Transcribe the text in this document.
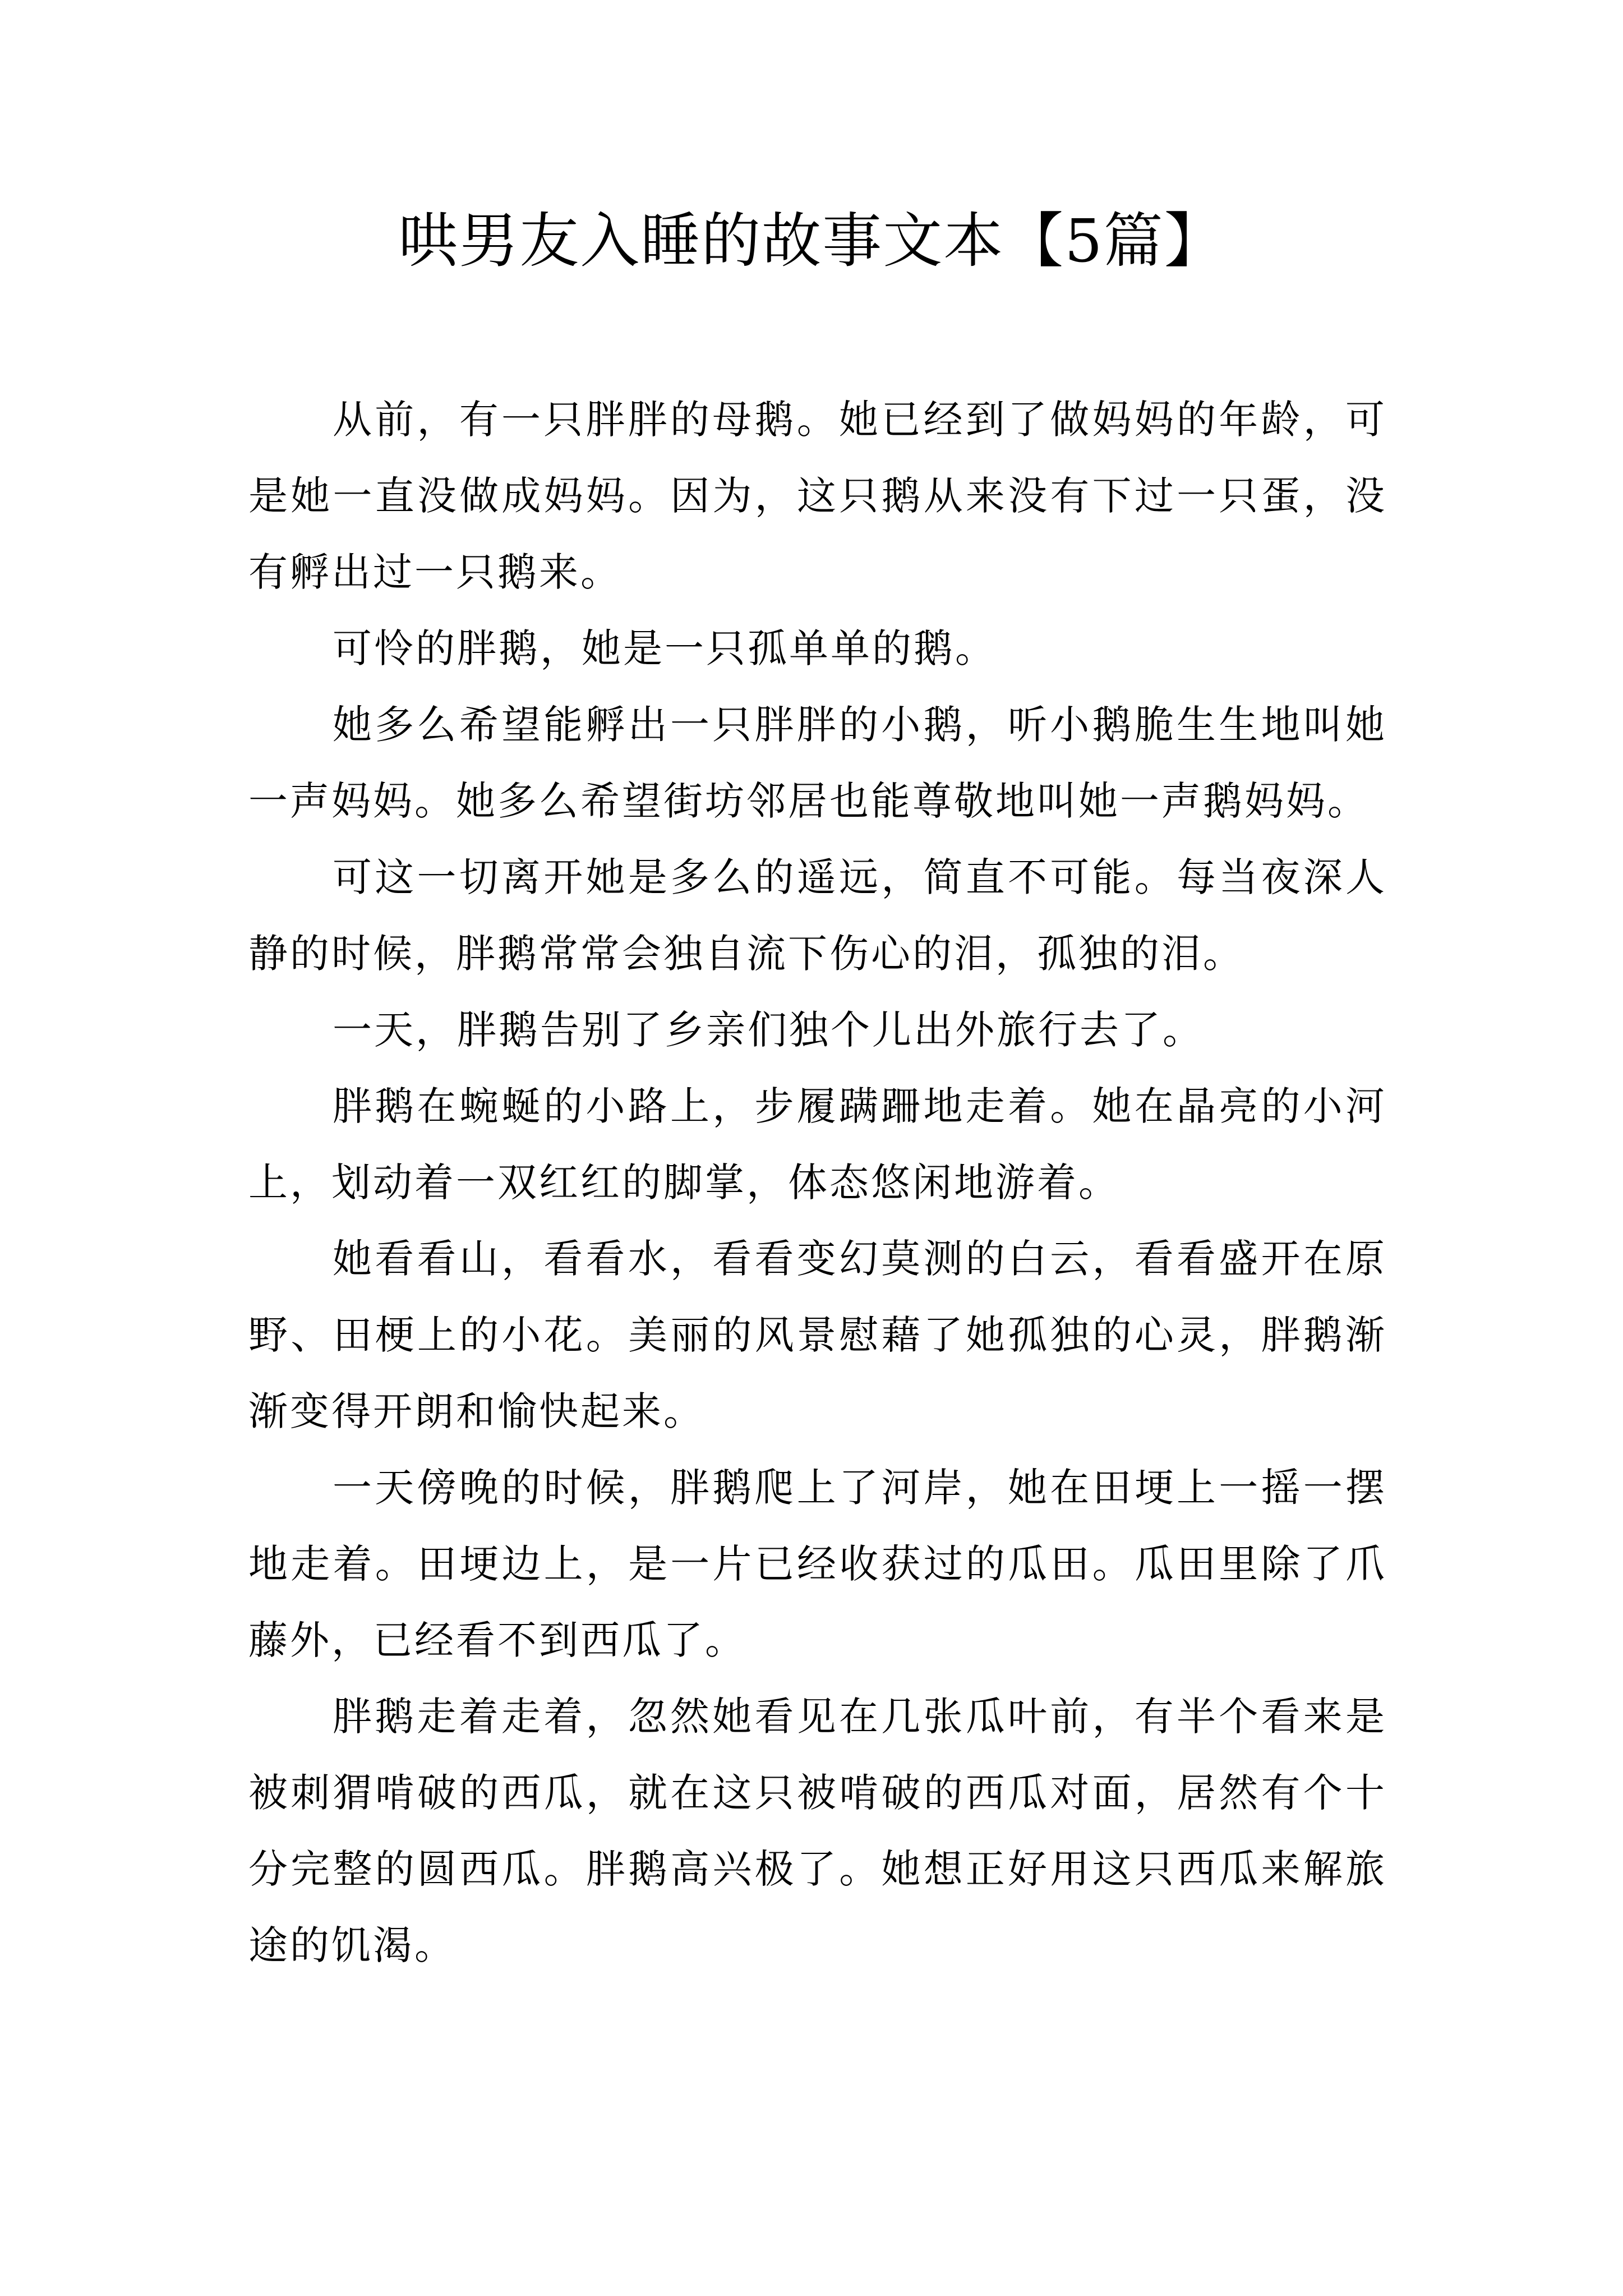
哄男友入睡的故事文本【5篇】

从前，有一只胖胖的母鹅。她已经到了做妈妈的年龄，可是她一直没做成妈妈。因为，这只鹅从来没有下过一只蛋，没有孵出过一只鹅来。

可怜的胖鹅，她是一只孤单单的鹅。

她多么希望能孵出一只胖胖的小鹅，听小鹅脆生生地叫她一声妈妈。她多么希望街坊邻居也能尊敬地叫她一声鹅妈妈。

可这一切离开她是多么的遥远，简直不可能。每当夜深人静的时候，胖鹅常常会独自流下伤心的泪，孤独的泪。

一天，胖鹅告别了乡亲们独个儿出外旅行去了。

胖鹅在蜿蜒的小路上，步履蹒跚地走着。她在晶亮的小河上，划动着一双红红的脚掌，体态悠闲地游着。

她看看山，看看水，看看变幻莫测的白云，看看盛开在原野、田梗上的小花。美丽的风景慰藉了她孤独的心灵，胖鹅渐渐变得开朗和愉快起来。

一天傍晚的时候，胖鹅爬上了河岸，她在田埂上一摇一摆地走着。田埂边上，是一片已经收获过的瓜田。瓜田里除了爪藤外，已经看不到西瓜了。

胖鹅走着走着，忽然她看见在几张瓜叶前，有半个看来是被刺猬啃破的西瓜，就在这只被啃破的西瓜对面，居然有个十分完整的圆西瓜。胖鹅高兴极了。她想正好用这只西瓜来解旅途的饥渴。
